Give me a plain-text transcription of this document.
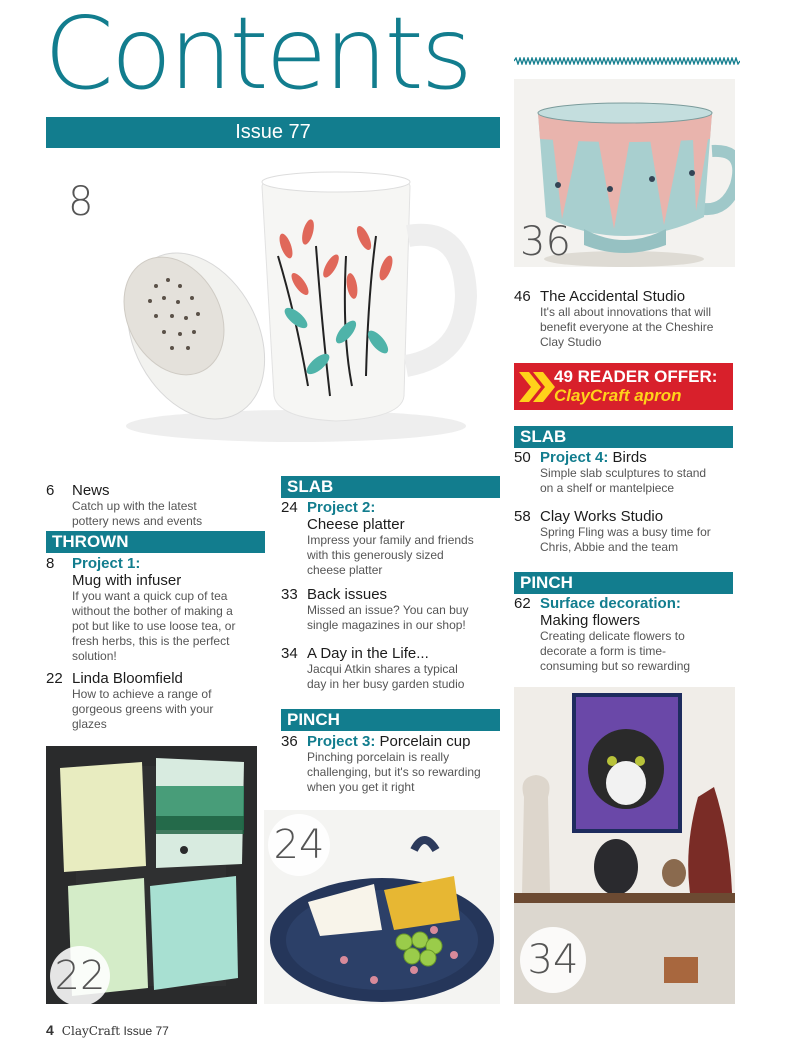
Contents
Issue 77
8
36
46 The Accidental Studio
It's all about innovations that will
benefit everyone at the Cheshire
Clay Studio
49 READER OFFER:
ClayCraft apron
SLAB
50 Project 4: Birds
Simple slab sculptures to stand
on a shelf or mantelpiece
58 Clay Works Studio
Spring Fling was a busy time for
Chris, Abbie and the team
PINCH
62 Surface decoration:
Making flowers
Creating delicate flowers to
decorate a form is time-
consuming but so rewarding
6	News
Catch up with the latest
pottery news and events
THROWN
8	Project 1:
Mug with infuser
If you want a quick cup of tea
without the bother of making a
pot but like to use loose tea, or
fresh herbs, this is the perfect
solution!
22 Linda Bloomfield
How to achieve a range of
gorgeous greens with your
glazes
SLAB
24 Project 2:
Cheese platter
Impress your family and friends
with this generously sized
cheese platter
33 Back issues
Missed an issue? You can buy
single magazines in our shop!
34 A Day in the Life...
Jacqui Atkin shares a typical
day in her busy garden studio
PINCH
36 Project 3: Porcelain cup
Pinching porcelain is really
challenging, but it's so rewarding
when you get it right
22
24
34
4 ClayCraft Issue 77
